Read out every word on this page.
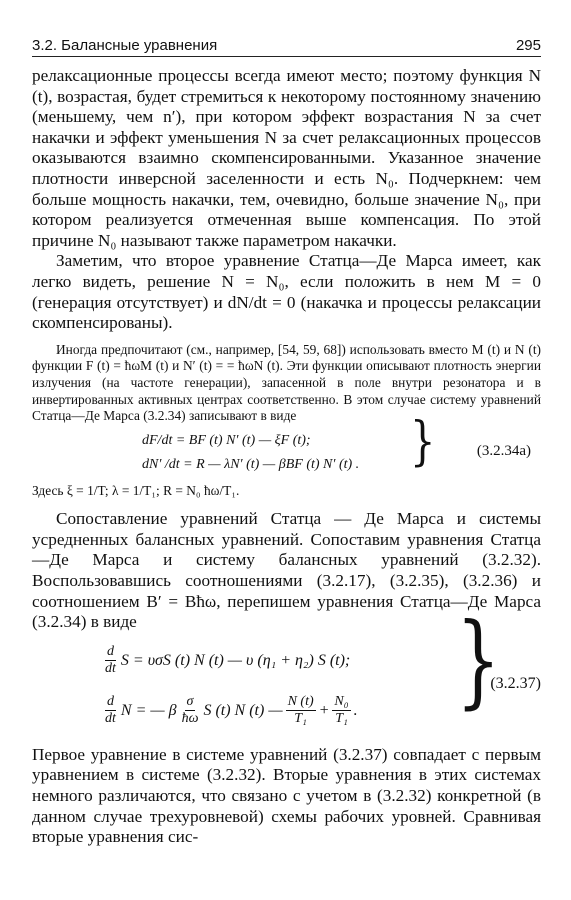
3.2. Балансные уравнения	295

релаксационные процессы всегда имеют место; поэтому функция N (t), возрастая, будет стремиться к некоторому постоянному значению (меньшему, чем n′), при котором эффект возрастания N за счет накачки и эффект уменьшения N за счет релаксационных процессов оказываются взаимно скомпенсированными. Указанное значение плотности инверсной заселенности и есть N₀. Подчеркнем: чем больше мощность накачки, тем, очевидно, больше значение N₀, при котором реализуется отмеченная выше компенсация. По этой причине N₀ называют также параметром накачки.

Заметим, что второе уравнение Статца—Де Марса имеет, как легко видеть, решение N = N₀, если положить в нем M = 0 (генерация отсутствует) и dN/dt = 0 (накачка и процессы релаксации скомпенсированы).

Иногда предпочитают (см., например, [54, 59, 68]) использовать вместо M (t) и N (t) функции F (t) = ħωM (t) и N′ (t) = = ħωN (t). Эти функции описывают плотность энергии излучения (на частоте генерации), запасенной в поле внутри резонатора и в инвертированных активных центрах соответственно. В этом случае систему уравнений Статца—Де Марса (3.2.34) записывают в виде

dF/dt = BF (t) N′ (t) — ξF (t);
dN′ /dt = R — λN′ (t) — βBF (t) N′ (t) . }	(3.2.34a)

Здесь ξ = 1/T; λ = 1/T₁; R = N₀ ħω/T₁.

Сопоставление уравнений Статца — Де Марса и системы усредненных балансных уравнений. Сопоставим уравнения Статца—Де Марса и систему балансных уравнений (3.2.32). Воспользовавшись соотношениями (3.2.17), (3.2.35), (3.2.36) и соотношением B′ = Bħω, перепишем уравнения Статца—Де Марса (3.2.34) в виде

$\frac{d}{dt}$ S = υσS (t) N (t) — υ (η₁ + η₂) S (t);
$\frac{d}{dt}$ N = — β $\frac{\sigma}{ħ\omega}$ S (t) N (t) — $\frac{N (t)}{\text{T₁}} + \frac{\text{N₀}}{\text{T₁}}$ . }
(3.2.37)

Первое уравнение в системе уравнений (3.2.37) совпадает с первым уравнением в системе (3.2.32). Вторые уравнения в этих системах немного различаются, что связано с учетом в (3.2.32) конкретной (в данном случае трехуровневой) схемы рабочих уровней. Сравнивая вторые уравнения сис-
